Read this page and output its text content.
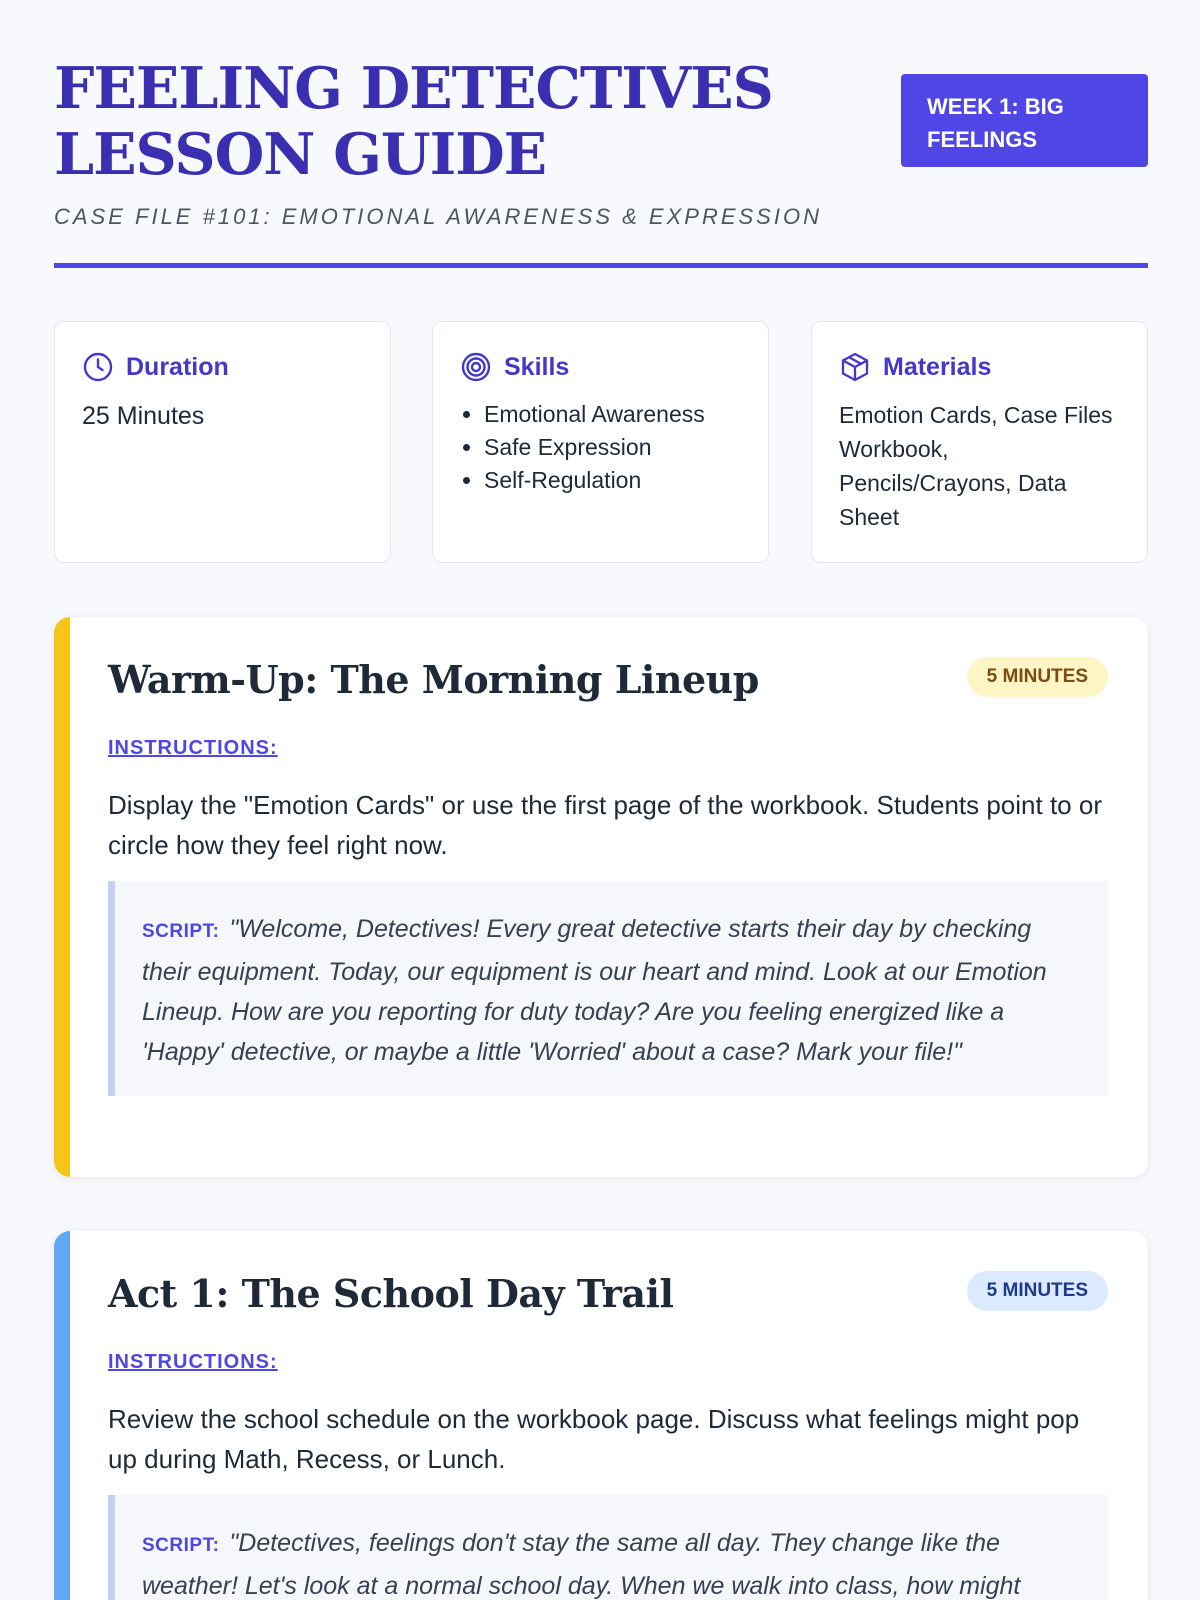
FEELING DETECTIVES LESSON GUIDE
CASE FILE #101: EMOTIONAL AWARENESS & EXPRESSION
WEEK 1: BIG FEELINGS
Duration
25 Minutes
Skills
• Emotional Awareness
• Safe Expression
• Self-Regulation
Materials

Emotion Cards, Case Files Workbook, Pencils/Crayons, Data Sheet

Warm-Up: The Morning Lineup	5 MINUTES
INSTRUCTIONS:
Display the "Emotion Cards" or use the first page of the workbook. Students point to or circle how they feel right now.
SCRIPT: "Welcome, Detectives! Every great detective starts their day by checking their equipment. Today, our equipment is our heart and mind. Look at our Emotion Lineup. How are you reporting for duty today? Are you feeling energized like a 'Happy' detective, or maybe a little 'Worried' about a case? Mark your file!"
Act 1: The School Day Trail	5 MINUTES
INSTRUCTIONS:
Review the school schedule on the workbook page. Discuss what feelings might pop up during Math, Recess, or Lunch.
SCRIPT: "Detectives, feelings don't stay the same all day. They change like the weather! Let's look at a normal school day. When we walk into class, how might
